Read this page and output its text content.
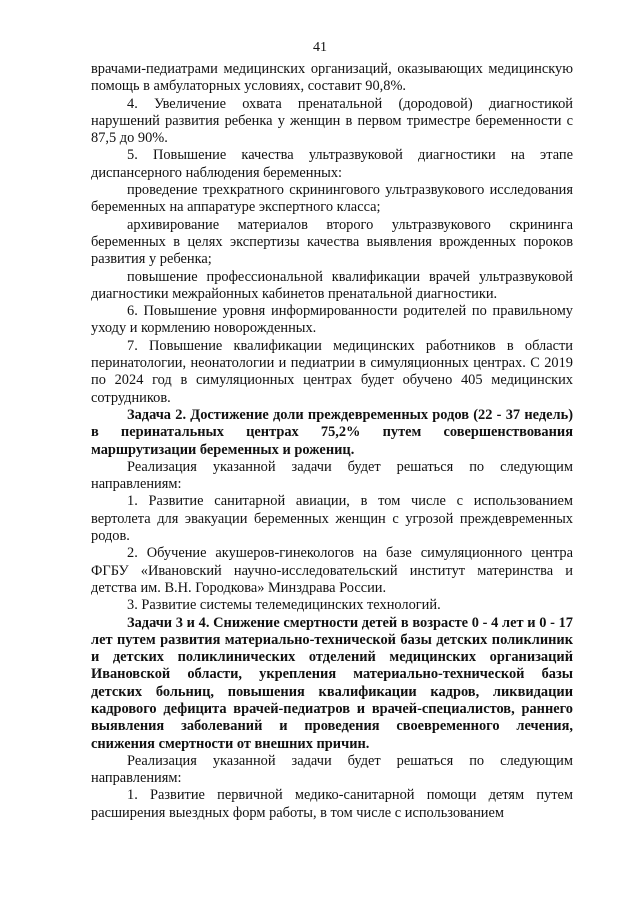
41

врачами-педиатрами медицинских организаций, оказывающих медицинскую помощь в амбулаторных условиях, составит 90,8%.

4. Увеличение охвата пренатальной (дородовой) диагностикой нарушений развития ребенка у женщин в первом триместре беременности с 87,5 до 90%.

5. Повышение качества ультразвуковой диагностики на этапе диспансерного наблюдения беременных:

проведение трехкратного скринингового ультразвукового исследования беременных на аппаратуре экспертного класса;

архивирование материалов второго ультразвукового скрининга беременных в целях экспертизы качества выявления врожденных пороков развития у ребенка;

повышение профессиональной квалификации врачей ультразвуковой диагностики межрайонных кабинетов пренатальной диагностики.

6. Повышение уровня информированности родителей по правильному уходу и кормлению новорожденных.

7. Повышение квалификации медицинских работников в области перинатологии, неонатологии и педиатрии в симуляционных центрах. С 2019 по 2024 год в симуляционных центрах будет обучено 405 медицинских сотрудников.

Задача 2. Достижение доли преждевременных родов (22 - 37 недель) в перинатальных центрах 75,2% путем совершенствования маршрутизации беременных и рожениц.

Реализация указанной задачи будет решаться по следующим направлениям:

1. Развитие санитарной авиации, в том числе с использованием вертолета для эвакуации беременных женщин с угрозой преждевременных родов.

2. Обучение акушеров-гинекологов на базе симуляционного центра ФГБУ «Ивановский научно-исследовательский институт материнства и детства им. В.Н. Городкова» Минздрава России.

3. Развитие системы телемедицинских технологий.

Задачи 3 и 4. Снижение смертности детей в возрасте 0 - 4 лет и 0 - 17 лет путем развития материально-технической базы детских поликлиник и детских поликлинических отделений медицинских организаций Ивановской области, укрепления материально-технической базы детских больниц, повышения квалификации кадров, ликвидации кадрового дефицита врачей-педиатров и врачей-специалистов, раннего выявления заболеваний и проведения своевременного лечения, снижения смертности от внешних причин.

Реализация указанной задачи будет решаться по следующим направлениям:

1. Развитие первичной медико-санитарной помощи детям путем расширения выездных форм работы, в том числе с использованием
